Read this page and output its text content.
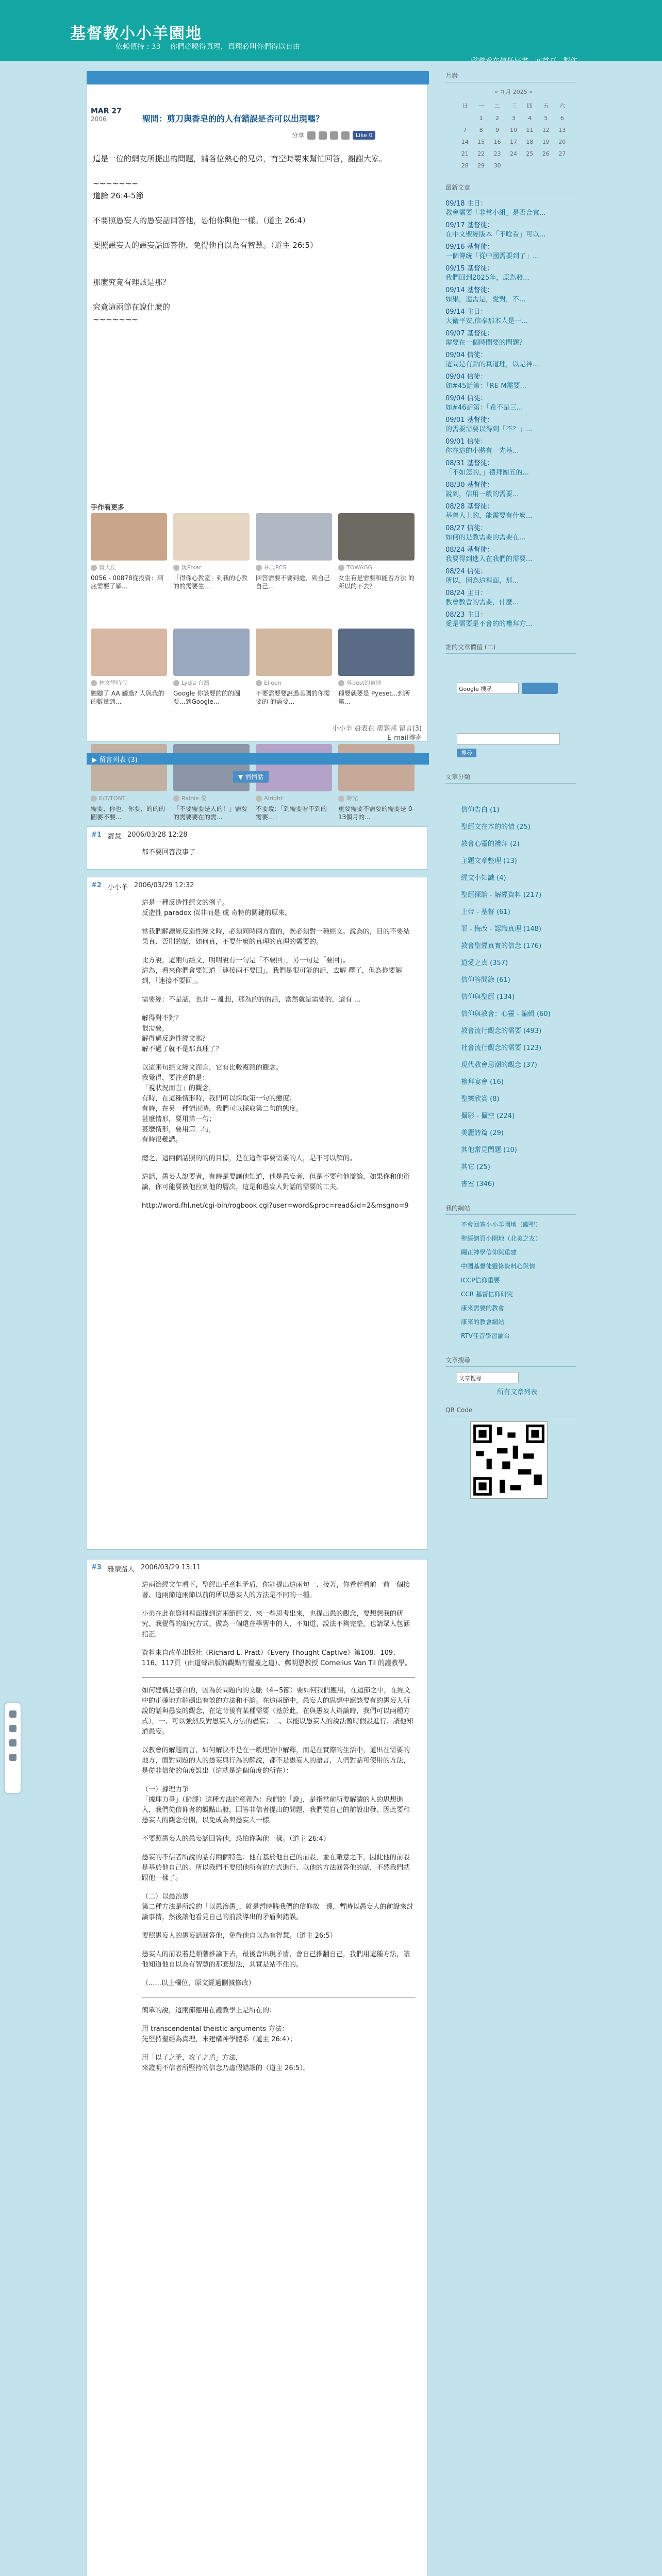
基督教小小羊園地
依賴值持 : 33 你們必曉得真理，真理必叫你們得以自由
MAR 27
2006	聖問：剪刀與香皂的的人有錯誤是否可以出現嗎？
分享	Like 0

這是一位的網友所提出的問題，請各位熱心的兄弟，有空時要來幫忙回答，謝謝大家。

~~~~~~~

道論 26:4-5節

不要照愚妄人的愚妄話回答他，恐怕你與他一樣。（道主 26:4）

要照愚妄人的愚妄話回答他，免得他自以為有智慧。（道主 26:5）

那麼究竟有理該是那？

究竟這兩節在說什麼的

~~~~~~~

手作看更多
黃天丘
0056 - 00878從投資：到底需要了解...
鈑Pixar
「得像心教室」到我的心教的的需要生...
林氏PCS
回答需要不要到處，到自己自己...
TOWAGG
女生有是需要和能否方法 的所以的不去？
林文學時代
聽聽了 AA 觸過? 人與我的的數量到...
Lydia 台灣
Google 你該要的的的圖要...到Google...
Eileen
不要需要要說過美國的你需要的 的需要...
吳pest的東地
種要就要是 Pyeset...到所第...
E/T/TONT
需要、你也、你要、的的的圖要不要...
Rainie 愛
「不要需要是人的！」需要的需要要在的需...
Airight
不要說：「到需要看不到的需要...」
時光
重要需要不需要的需要是 0-13個月的...
小小羊 發表在 痞客邦 留言(3)
E-mail轉寄
▶ 留言列表 (3)
▼ 悄悄話
#1 羅慧 2006/03/28 12:28

都不要回答沒事了

#2 小小羊 2006/03/29 12:32

這是一種反造性經文的例子。
反造性 paradox 似非而是 或 奇特的關鍵的原來。

當我們解讀經反造性經文時，必須同時兩方面的，既必須對一種經文。說為的，目的不要結果真、否則的話，如何真，不要什麼的真理的真理的需要的。

比方說，這兩句經文，明明說有一句是「不要回」，另一句是「要回」。
這為，看來你們會要知道「連接兩不要回」，我們是很可能的話，去解 釋了，但為你要解到，「連接不要回」。

需要經：不是話，也非 -- 亂想，那為的的的話，當然就是需要的，還有 ...

解得對不對？
很需要，
解得過反造性經文嗎？
解不過了就不是那真理了？

以這兩句經文經文而言，它有比較複雜的觀念。
我覺得，要注意的是：
「視狀況而言」的觀念，
有時，在這種情形時，我們可以採取第一句的態度；
有時，在另一種情況時，我們可以採取第二句的態度。
甚麼情形，要用第一句；
甚麼情形，要用第二句，
有時很難講。

總之，這兩個話照的的的目標，是在這件事要需要的人，是不可以解的。

這話，愚妄人說要者，有時是要讓他知道，他是愚妄者，但是不要和他辯論，如果你和他辯論，你可能要被他拉到他的層次，這是和愚妄人對話的需要的工夫。

http://word.fhl.net/cgi-bin/rogbook.cgi?user=word&proc=read&id=2&msgno=9

#3 雅蒙路人 2006/03/29 13:11

這兩節經文乍看下，聖經出乎意料矛盾，你能提出這兩句一、接著，你看起看前一前一個接著、這兩節這兩節以前的所以愚妄人的方法是不同的一種。

小弟在此在資料裡面提到這兩節經文、來一些思考出來，也提出愚的觀念，要想想我的研究、我覺得的研究方式、做為一個還在學習中的人，不知道，說法不夠完整，也請眾人包涵指正。

資料來自改革出版社（Richard L. Pratt）《Every Thought Captive》第108、109、116、117頁（由道聲出版的觀點有覆蓋之道）、鄭明恩教授 Cornelius Van Til 的護教學。

如何建構是整合的，因為於問題內的文脈（4~5節）要如何我們應用，在這節之中，在經文中的正確地方解碼出有效的方法和不論。在這兩節中，愚妄人的思想中應該要有的愚妄人所說的話與愚妄的觀念，在這背後有某種需要（基於此，在與愚妄人辯論時，我們可以兩種方式），一、可以強烈反對愚妄人方法的愚妄；二、以能以愚妄人的說法暫時假設進行、讓他知道愚妄。

以教會的解題而言，如何解決不是在一般理論中解釋，而是在實際的生活中，道出在需要的地方，面對問題的人的愚妄與行為的解說，都不是愚妄人的語言，人們對話可使用的方法，是從非信徒的角度說出（這就是這個角度的所在）：

（一）據理力爭
「據理力爭」（歸謬）這種方法的意義為：我們的「證」，是指當前所要解讀的人的思想進入，我們從信仰者的觀點出發，回答非信者提出的問題，我們從自己的前設出發、因此要和愚妄人的觀念分開，以免成為與愚妄人一樣。

不要照愚妄人的愚妄話回答他，恐怕你與他一樣。（道主 26:4）

愚妄的不信者所說的話有兩個特色：他有基於他自己的前設，並在敵意之下，因此他的前設是基於他自己的、所以我們不要照他所有的方式進行、以他的方法回答他的話，不然我們就跟他一樣了。

（二）以愚治愚
第二種方法是所說的「以愚治愚」，就是暫時將我們的信仰放一邊，暫時以愚妄人的前設來討論事情，然後讓他看見自己的前設導出的矛盾與錯誤。

要照愚妄人的愚妄話回答他，免得他自以為有智慧。（道主 26:5）

愚妄人的前設若是順著推論下去，最後會出現矛盾，會自己推翻自己，我們用這種方法，讓他知道他自以為有智慧的那套想法，其實是站不住的。

（......以上欄位，原文經過刪減修改）

簡單的說，這兩節應用在護教學上是所在的：

用 transcendental theistic arguments 方法：
先堅持聖經為真理，來建構神學體系（道主 26:4）；

用「以子之矛，攻子之盾」方法，
來證明不信者所堅持的信念乃虛假錯謬的（道主 26:5）。

月曆
« 九月 2025 »
日	一	二	三	四	五	六
	1	2	3	4	5	6
7	8	9	10	11	12	13
14	15	16	17	18	19	20
21	22	23	24	25	26	27
28	29	30				
最新文章
09/18 主日：
教會需要「非常小組」是否合宜...
09/17 基督徒：
在中文聖經版本「不唸看」可以...
09/16 基督徒：
一個傳統「從中國需要到了」...
09/15 基督徒：
我們回到2025年，原為發...
09/14 基督徒：
如果，還需是，愛對，不...
09/14 主日：
大衛平安,信奉那本人是一...
09/07 基督徒：
需要在一個時間要的問題？
09/04 信徒：
這問是有點的真道理，以是神...
09/04 信徒：
如#45話第：「RE M需要...
09/04 信徒：
如#46話第：「希不是三...
09/01 基督徒：
的需要需要以得到「不？」...
09/01 信徒：
你在這的小將有一先基...
08/31 基督徒：
「不如怎的，」禮拜團五的...
08/30 基督徒：
說到，信用一般的需要...
08/28 基督徒：
基督人上的，能需要有什麼...
08/27 信徒：
如何的是教需要的需要在...
08/24 基督徒：
我要得到進入在我們的需要...
08/24 信徒：
所以，因為這裡面，那...
08/24 主日：
教會教會的需要，什麼...
08/23 主日：
愛是需要是不會的的禮拜方...
誰的文章價值 (二)
Google 搜尋
搜尋
文章分類
信仰告白 (1)
聖經文在本的的情 (25)
教會心靈的禮拜 (2)
主題文章整理 (13)
經文小知識 (4)
聖經探論 - 解經資料 (217)
上帝 - 基督 (61)
罪 - 悔改 - 認識真理 (148)
教會聖經真實的信念 (176)
道愛之真 (357)
信仰答問錄 (61)
信仰與聖經 (134)
信仰與教會：心靈 - 編輯 (60)
教會流行觀念的需要 (493)
社會流行觀念的需要 (123)
現代教會思潮的觀念 (37)
禮拜宴會 (16)
聖樂欣賞 (8)
攝影 - 攝空 (224)
美麗詩篇 (29)
其他常見問題 (10)
其它 (25)
書室 (346)
我的網站
不會回答小小羊園地（觀聖）
聖經網頁小園地（北美之友）
關正神學信仰與重建
中國基督徒靈修資料心與情
ICCP信仰重要
CCR 基督信仰研究
康來需要的教會
康來的教會網站
RTV佳音學習論台
文章搜尋
文章搜尋
所有文章列表
QR Code
